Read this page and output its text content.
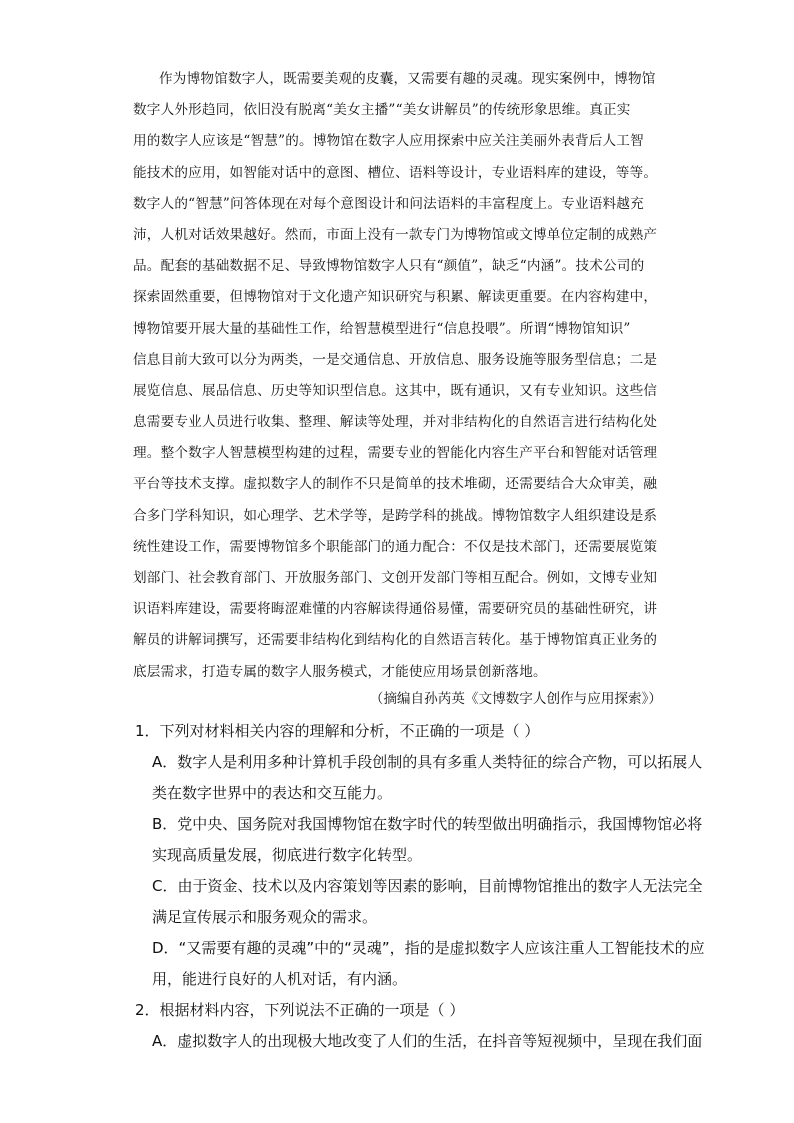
作为博物馆数字人，既需要美观的皮囊，又需要有趣的灵魂。现实案例中，博物馆
数字人外形趋同，依旧没有脱离“美女主播”“美女讲解员”的传统形象思维。真正实
用的数字人应该是“智慧”的。博物馆在数字人应用探索中应关注美丽外表背后人工智
能技术的应用，如智能对话中的意图、槽位、语料等设计，专业语料库的建设，等等。
数字人的“智慧”问答体现在对每个意图设计和问法语料的丰富程度上。专业语料越充
沛，人机对话效果越好。然而，市面上没有一款专门为博物馆或文博单位定制的成熟产
品。配套的基础数据不足、导致博物馆数字人只有“颜值”，缺乏“内涵”。技术公司的
探索固然重要，但博物馆对于文化遗产知识研究与积累、解读更重要。在内容构建中，
博物馆要开展大量的基础性工作，给智慧模型进行“信息投喂”。所谓“博物馆知识”
信息目前大致可以分为两类，一是交通信息、开放信息、服务设施等服务型信息；二是
展览信息、展品信息、历史等知识型信息。这其中，既有通识，又有专业知识。这些信
息需要专业人员进行收集、整理、解读等处理，并对非结构化的自然语言进行结构化处
理。整个数字人智慧模型构建的过程，需要专业的智能化内容生产平台和智能对话管理
平台等技术支撑。虚拟数字人的制作不只是简单的技术堆砌，还需要结合大众审美，融
合多门学科知识，如心理学、艺术学等，是跨学科的挑战。博物馆数字人组织建设是系
统性建设工作，需要博物馆多个职能部门的通力配合：不仅是技术部门，还需要展览策
划部门、社会教育部门、开放服务部门、文创开发部门等相互配合。例如，文博专业知
识语料库建设，需要将晦涩难懂的内容解读得通俗易懂，需要研究员的基础性研究，讲
解员的讲解词撰写，还需要非结构化到结构化的自然语言转化。基于博物馆真正业务的
底层需求，打造专属的数字人服务模式，才能使应用场景创新落地。
（摘编自孙芮英《文博数字人创作与应用探索》）
1．下列对材料相关内容的理解和分析，不正确的一项是（ ）
A．数字人是利用多种计算机手段创制的具有多重人类特征的综合产物，可以拓展人
类在数字世界中的表达和交互能力。
B．党中央、国务院对我国博物馆在数字时代的转型做出明确指示，我国博物馆必将
实现高质量发展，彻底进行数字化转型。
C．由于资金、技术以及内容策划等因素的影响，目前博物馆推出的数字人无法完全
满足宣传展示和服务观众的需求。
D．“又需要有趣的灵魂”中的“灵魂”，指的是虚拟数字人应该注重人工智能技术的应
用，能进行良好的人机对话，有内涵。
2．根据材料内容，下列说法不正确的一项是（ ）
A．虚拟数字人的出现极大地改变了人们的生活，在抖音等短视频中，呈现在我们面
